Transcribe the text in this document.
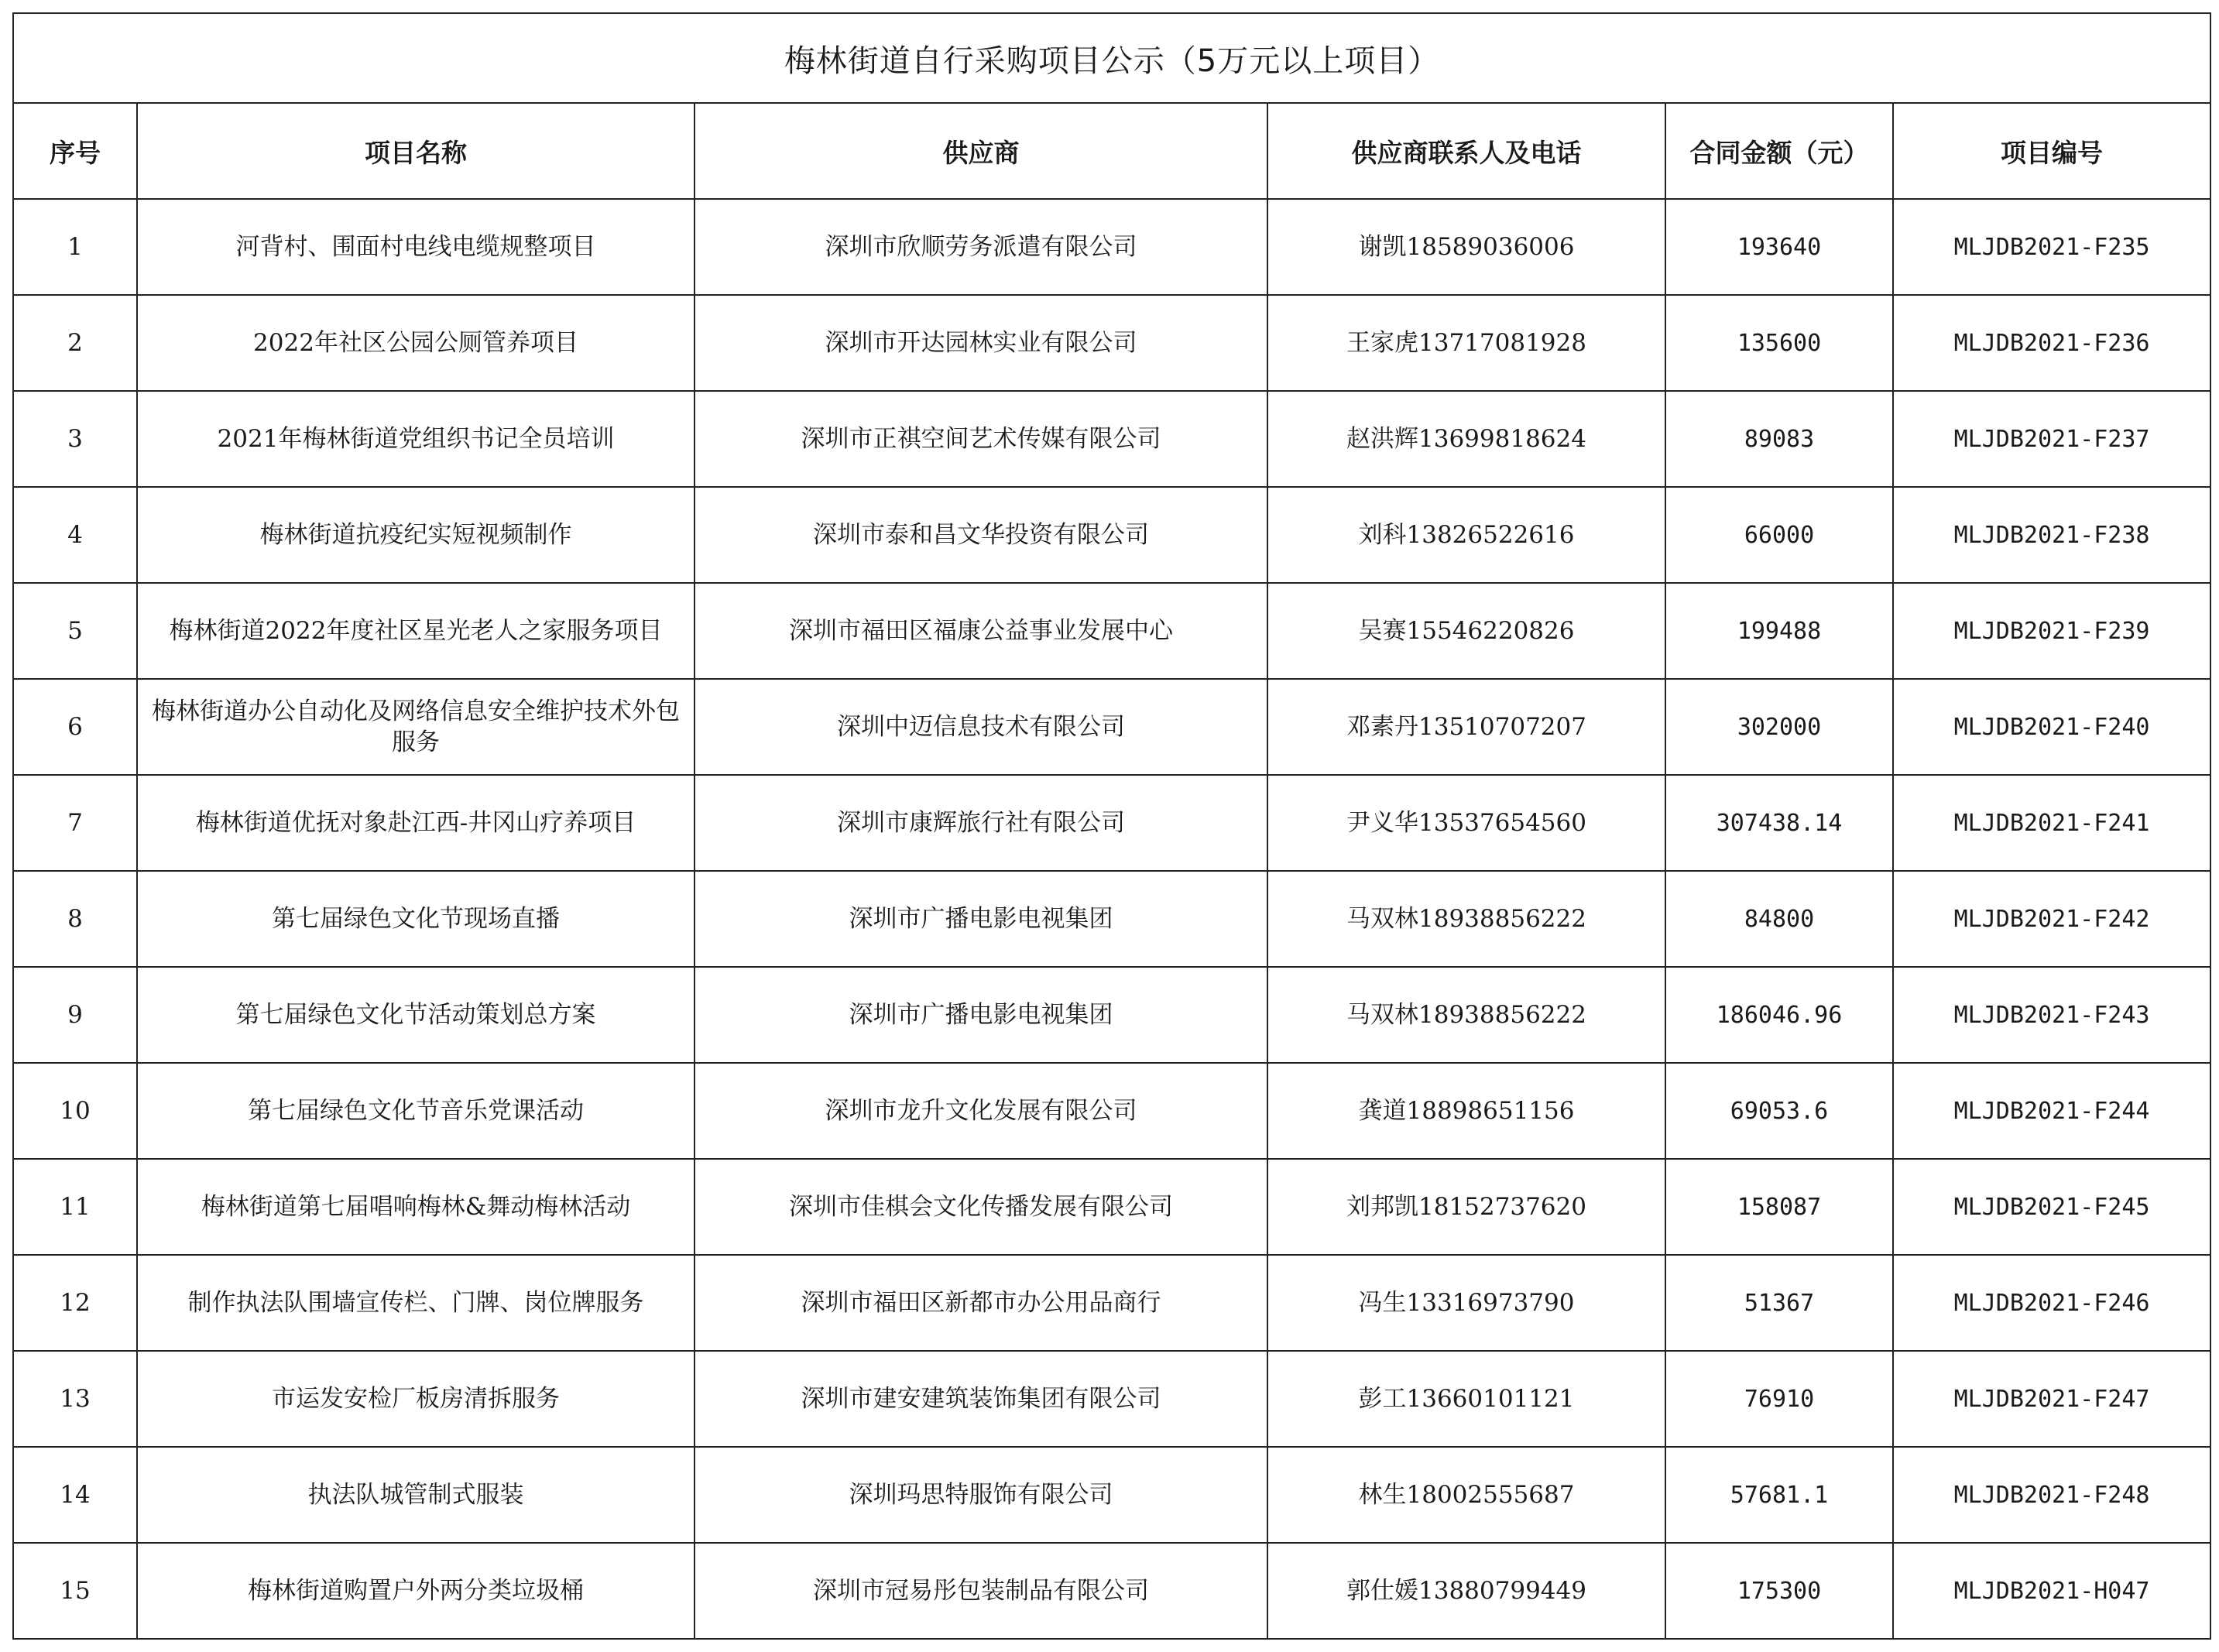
梅林街道自行采购项目公示（5万元以上项目）					
序号	项目名称	供应商	供应商联系人及电话	合同金额（元）	项目编号
1	河背村、围面村电线电缆规整项目	深圳市欣顺劳务派遣有限公司	谢凯18589036006	193640	MLJDB2021-F235
2	2022年社区公园公厕管养项目	深圳市开达园林实业有限公司	王家虎13717081928	135600	MLJDB2021-F236
3	2021年梅林街道党组织书记全员培训	深圳市正祺空间艺术传媒有限公司	赵洪辉13699818624	89083	MLJDB2021-F237
4	梅林街道抗疫纪实短视频制作	深圳市泰和昌文华投资有限公司	刘科13826522616	66000	MLJDB2021-F238
5	梅林街道2022年度社区星光老人之家服务项目	深圳市福田区福康公益事业发展中心	吴赛15546220826	199488	MLJDB2021-F239
6	梅林街道办公自动化及网络信息安全维护技术外包服务	深圳中迈信息技术有限公司	邓素丹13510707207	302000	MLJDB2021-F240
7	梅林街道优抚对象赴江西-井冈山疗养项目	深圳市康辉旅行社有限公司	尹义华13537654560	307438.14	MLJDB2021-F241
8	第七届绿色文化节现场直播	深圳市广播电影电视集团	马双林18938856222	84800	MLJDB2021-F242
9	第七届绿色文化节活动策划总方案	深圳市广播电影电视集团	马双林18938856222	186046.96	MLJDB2021-F243
10	第七届绿色文化节音乐党课活动	深圳市龙升文化发展有限公司	龚道18898651156	69053.6	MLJDB2021-F244
11	梅林街道第七届唱响梅林&舞动梅林活动	深圳市佳棋会文化传播发展有限公司	刘邦凯18152737620	158087	MLJDB2021-F245
12	制作执法队围墙宣传栏、门牌、岗位牌服务	深圳市福田区新都市办公用品商行	冯生13316973790	51367	MLJDB2021-F246
13	市运发安检厂板房清拆服务	深圳市建安建筑装饰集团有限公司	彭工13660101121	76910	MLJDB2021-F247
14	执法队城管制式服装	深圳玛思特服饰有限公司	林生18002555687	57681.1	MLJDB2021-F248
15	梅林街道购置户外两分类垃圾桶	深圳市冠易彤包装制品有限公司	郭仕媛13880799449	175300	MLJDB2021-H047
